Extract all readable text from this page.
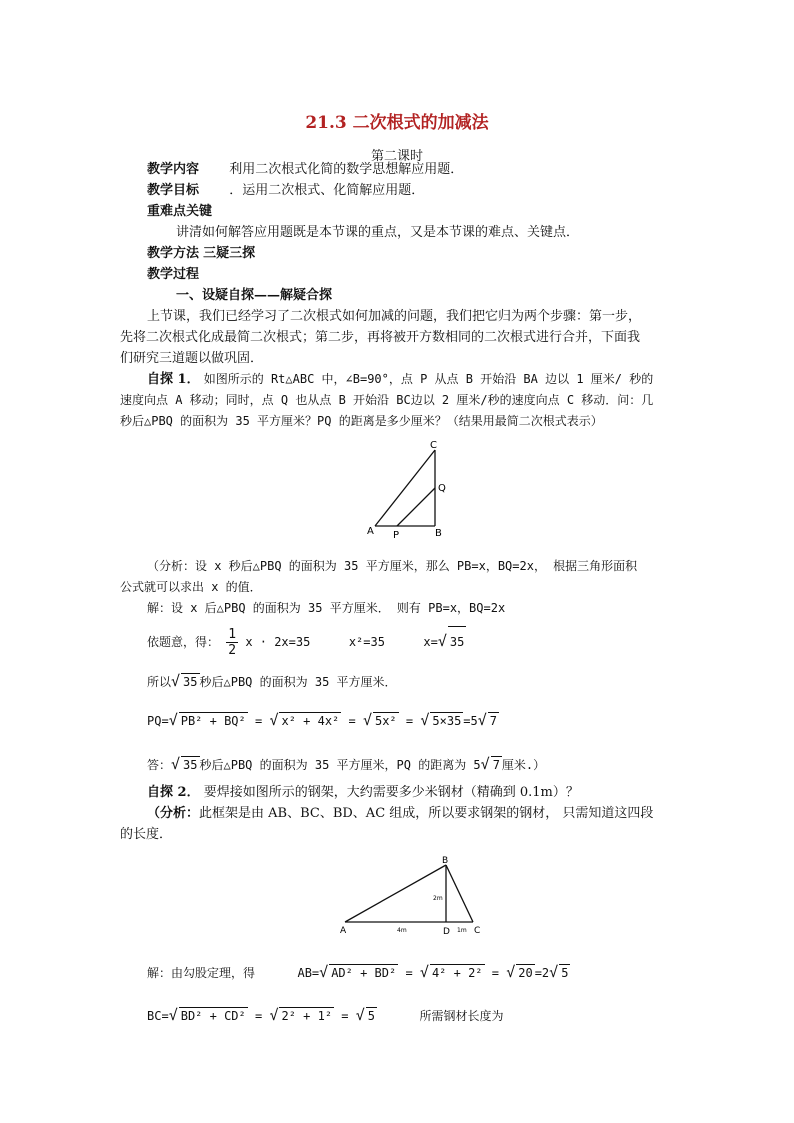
21.3 二次根式的加减法
第二课时
教学内容 利用二次根式化简的数学思想解应用题．
教学目标 ．运用二次根式、化简解应用题．
重难点关键
讲清如何解答应用题既是本节课的重点，又是本节课的难点、关键点．
教学方法 三疑三探
教学过程
一、设疑自探——解疑合探
上节课，我们已经学习了二次根式如何加减的问题，我们把它归为两个步骤：第一步，
先将二次根式化成最简二次根式；第二步，再将被开方数相同的二次根式进行合并，下面我
们研究三道题以做巩固．
自探 1． 如图所示的 Rt△ABC 中，∠B=90°，点 P 从点 B 开始沿 BA 边以 1 厘米/ 秒的
速度向点 A 移动；同时，点 Q 也从点 B 开始沿 BC边以 2 厘米/秒的速度向点 C 移动．问：几
秒后△PBQ 的面积为 35 平方厘米？PQ 的距离是多少厘米？（结果用最简二次根式表示）
A	B
C
P
Q
（分析：设 x 秒后△PBQ 的面积为 35 平方厘米，那么 PB=x，BQ=2x， 根据三角形面积
公式就可以求出 x 的值．
解：设 x 后△PBQ 的面积为 35 平方厘米． 则有 PB=x，BQ=2x
依题意，得： $\frac{1}{2}$ x · 2x=35	x²=35	x=√ 35
所以√ 35 秒后△PBQ 的面积为 35 平方厘米．
PQ=√ PB² + BQ² = √ x² + 4x² = √ 5x² = √ 5×35 =5√ 7
答：√ 35 秒后△PBQ 的面积为 35 平方厘米，PQ 的距离为 5√ 7 厘米.）
自探 2． 要焊接如图所示的钢架，大约需要多少米钢材（精确到 0.1m）？
（分析：此框架是由 AB、BC、BD、AC 组成，所以要求钢架的钢材， 只需知道这四段
的长度．
B
A	D	C
2m
4m	1m
解：由勾股定理，得	AB=√ AD² + BD² = √ 4² + 2² = √ 20 =2√ 5
BC=√ BD² + CD² = √ 2² + 1² = √ 5	所需钢材长度为
